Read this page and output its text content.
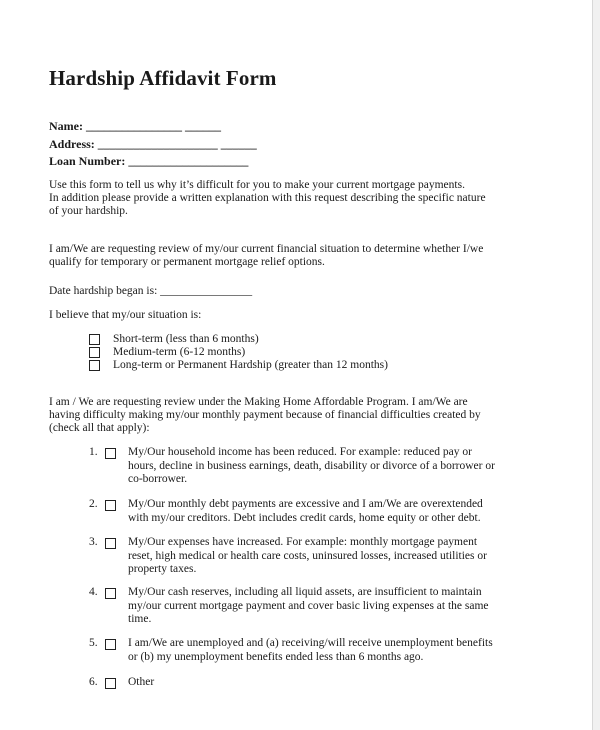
Hardship Affidavit Form
Name: ________________ ______
Address: ____________________ ______
Loan Number: ____________________
Use this form to tell us why it’s difficult for you to make your current mortgage payments.
In addition please provide a written explanation with this request describing the specific nature
of your hardship.
I am/We are requesting review of my/our current financial situation to determine whether I/we
qualify for temporary or permanent mortgage relief options.
Date hardship began is: ________________
I believe that my/our situation is:
Short-term (less than 6 months)
Medium-term (6-12 months)
Long-term or Permanent Hardship (greater than 12 months)
I am / We are requesting review under the Making Home Affordable Program. I am/We are
having difficulty making my/our monthly payment because of financial difficulties created by
(check all that apply):
1.	My/Our household income has been reduced. For example: reduced pay or
hours, decline in business earnings, death, disability or divorce of a borrower or
co-borrower.
2.	My/Our monthly debt payments are excessive and I am/We are overextended
with my/our creditors. Debt includes credit cards, home equity or other debt.
3.	My/Our expenses have increased. For example: monthly mortgage payment
reset, high medical or health care costs, uninsured losses, increased utilities or
property taxes.
4.	My/Our cash reserves, including all liquid assets, are insufficient to maintain
my/our current mortgage payment and cover basic living expenses at the same
time.
5.	I am/We are unemployed and (a) receiving/will receive unemployment benefits
or (b) my unemployment benefits ended less than 6 months ago.
6.	Other
